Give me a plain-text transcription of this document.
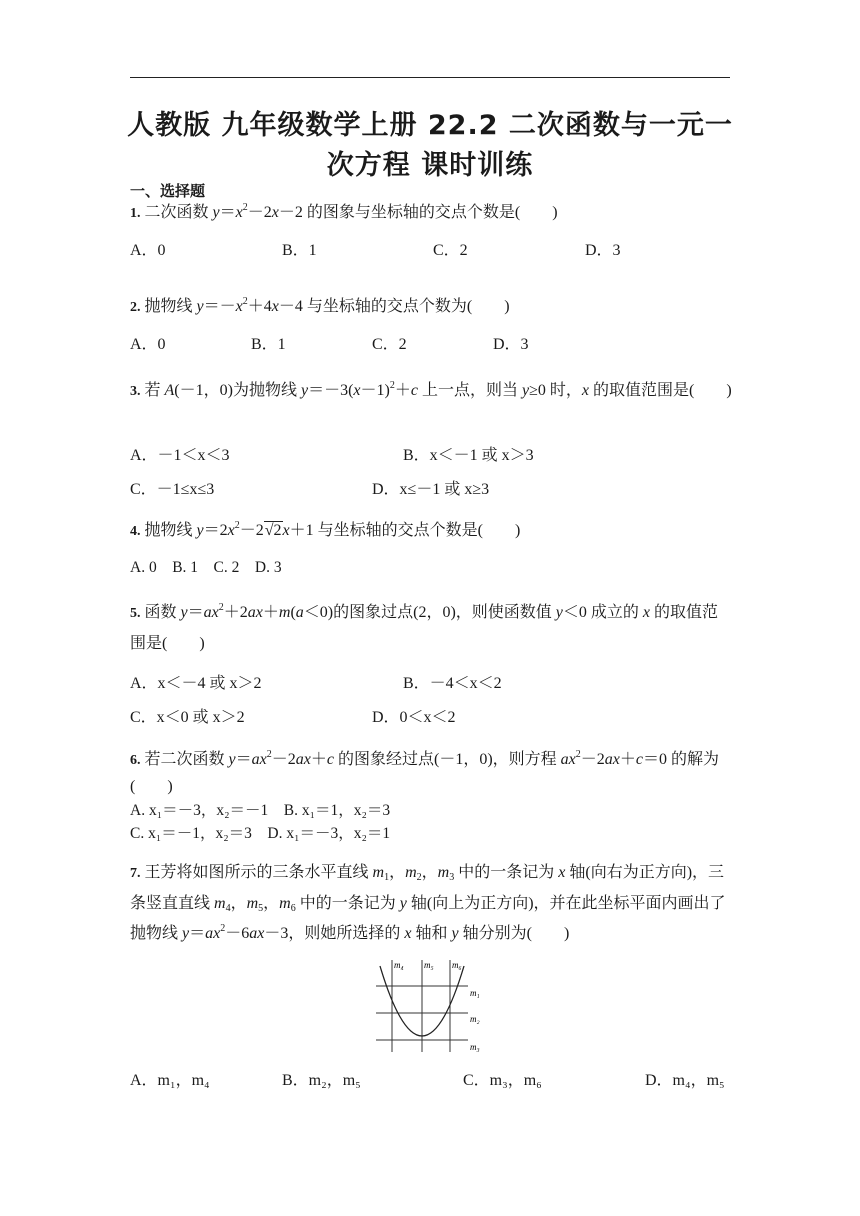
人教版 九年级数学上册 22.2 二次函数与一元一次方程 课时训练
一、选择题
1. 二次函数 $y=x^2-2x-2$ 的图象与坐标轴的交点个数是(　　)
A．0	B．1	C．2	D．3
2. 抛物线 $y=-x^2+4x-4$ 与坐标轴的交点个数为(　　)
A．0	B．1	C．2	D．3
3. 若 A(－1，0)为抛物线 $y=-3(x-1)^2+c$ 上一点，则当 y≥0 时，x 的取值范围是(　　)
A．－1＜x＜3	B．x＜－1 或 x＞3
C．－1≤x≤3	D．x≤－1 或 x≥3
4. 抛物线 $y=2x^2-2√2x+1$ 与坐标轴的交点个数是(　　)
A. 0　B. 1　C. 2　D. 3
5. 函数 $y=ax^2+2ax+m(a<0)$的图象过点(2，0)，则使函数值 y＜0 成立的 x 的取值范围是(　　)
A．x＜－4 或 x＞2	B．－4＜x＜2
C．x＜0 或 x＞2	D．0＜x＜2
6. 若二次函数 $y=ax^2-2ax+c$ 的图象经过点(－1，0)，则方程 $ax^2-2ax+c=0$ 的解为(　　)
A. x₁＝－3，x₂＝－1　B. x₁＝1，x₂＝3
C. x₁＝－1，x₂＝3　D. x₁＝－3，x₂＝1
7. 王芳将如图所示的三条水平直线 $m_1$，$m_2$，$m_3$ 中的一条记为 x 轴(向右为正方向)，三条竖直直线 $m_4$，$m_5$，$m_6$ 中的一条记为 y 轴(向上为正方向)，并在此坐标平面内画出了抛物线 $y=ax^2-6ax-3$，则她所选择的 x 轴和 y 轴分别为(　　)
m₄ m₅ m₆
m₁
m₂
m₃
A．m₁，m₄	B．m₂，m₅	C．m₃，m₆	D．m₄，m₅
